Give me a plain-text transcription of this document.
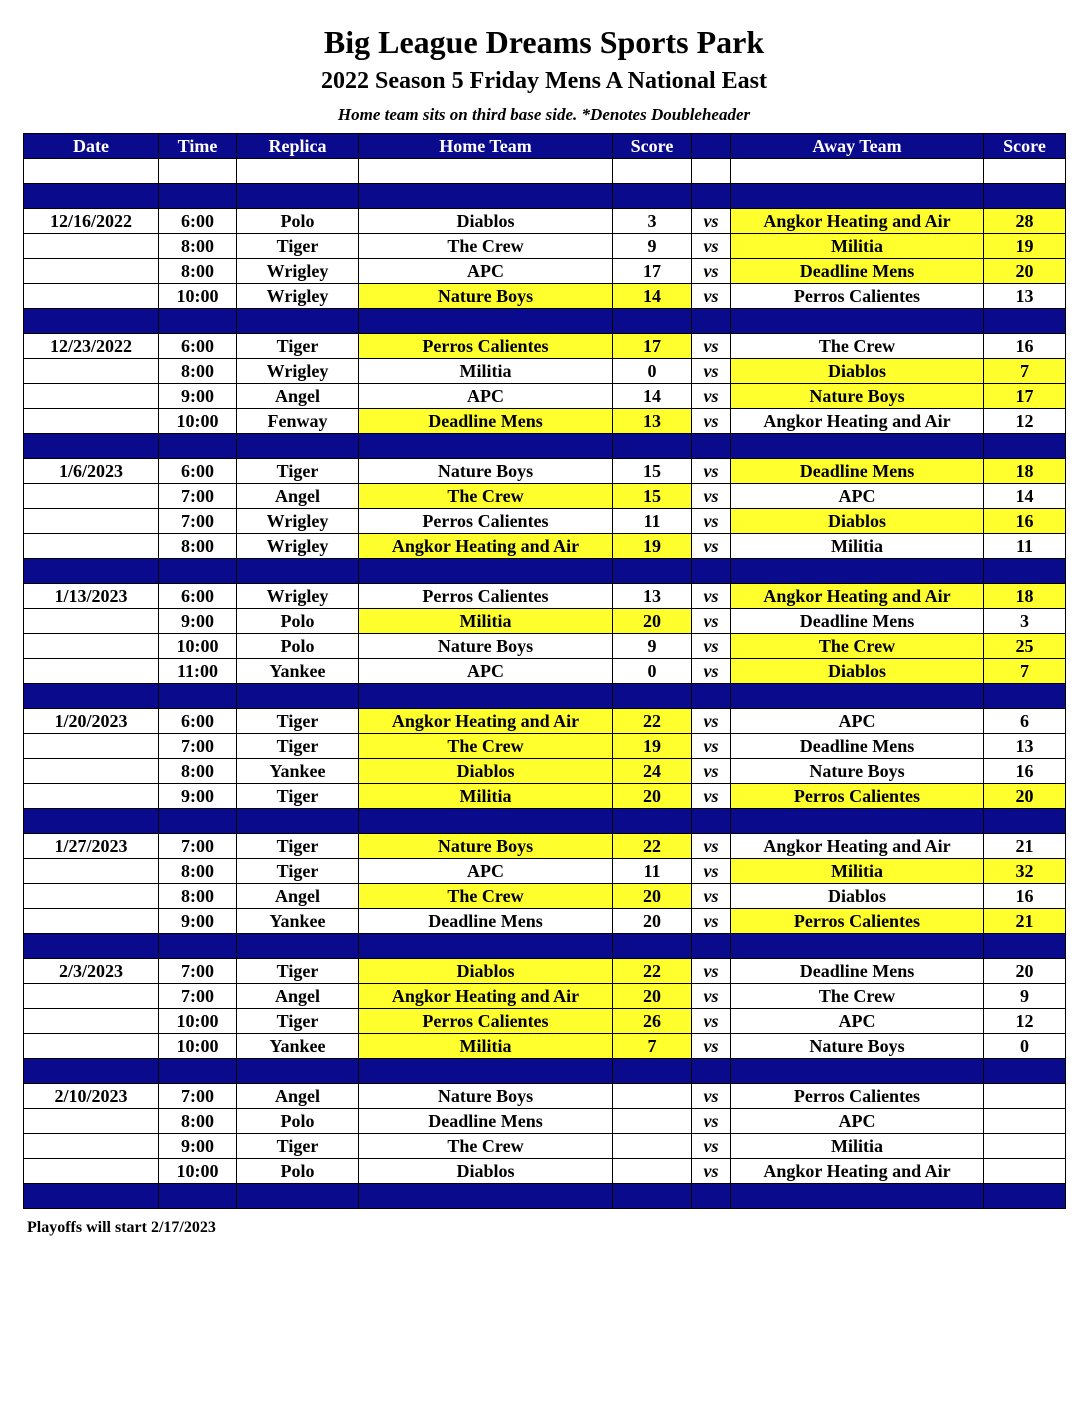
Big League Dreams Sports Park
2022 Season 5 Friday Mens A National East
Home team sits on third base side. *Denotes Doubleheader
Date	Time	Replica	Home Team	Score		Away Team	Score

12/16/2022	6:00	Polo	Diablos	3	vs	Angkor Heating and Air	28
	8:00	Tiger	The Crew	9	vs	Militia	19
	8:00	Wrigley	APC	17	vs	Deadline Mens	20
	10:00	Wrigley	Nature Boys	14	vs	Perros Calientes	13

12/23/2022	6:00	Tiger	Perros Calientes	17	vs	The Crew	16
	8:00	Wrigley	Militia	0	vs	Diablos	7
	9:00	Angel	APC	14	vs	Nature Boys	17
	10:00	Fenway	Deadline Mens	13	vs	Angkor Heating and Air	12

1/6/2023	6:00	Tiger	Nature Boys	15	vs	Deadline Mens	18
	7:00	Angel	The Crew	15	vs	APC	14
	7:00	Wrigley	Perros Calientes	11	vs	Diablos	16
	8:00	Wrigley	Angkor Heating and Air	19	vs	Militia	11

1/13/2023	6:00	Wrigley	Perros Calientes	13	vs	Angkor Heating and Air	18
	9:00	Polo	Militia	20	vs	Deadline Mens	3
	10:00	Polo	Nature Boys	9	vs	The Crew	25
	11:00	Yankee	APC	0	vs	Diablos	7

1/20/2023	6:00	Tiger	Angkor Heating and Air	22	vs	APC	6
	7:00	Tiger	The Crew	19	vs	Deadline Mens	13
	8:00	Yankee	Diablos	24	vs	Nature Boys	16
	9:00	Tiger	Militia	20	vs	Perros Calientes	20

1/27/2023	7:00	Tiger	Nature Boys	22	vs	Angkor Heating and Air	21
	8:00	Tiger	APC	11	vs	Militia	32
	8:00	Angel	The Crew	20	vs	Diablos	16
	9:00	Yankee	Deadline Mens	20	vs	Perros Calientes	21

2/3/2023	7:00	Tiger	Diablos	22	vs	Deadline Mens	20
	7:00	Angel	Angkor Heating and Air	20	vs	The Crew	9
	10:00	Tiger	Perros Calientes	26	vs	APC	12
	10:00	Yankee	Militia	7	vs	Nature Boys	0

2/10/2023	7:00	Angel	Nature Boys		vs	Perros Calientes	
	8:00	Polo	Deadline Mens		vs	APC	
	9:00	Tiger	The Crew		vs	Militia	
	10:00	Polo	Diablos		vs	Angkor Heating and Air	

Playoffs will start 2/17/2023
